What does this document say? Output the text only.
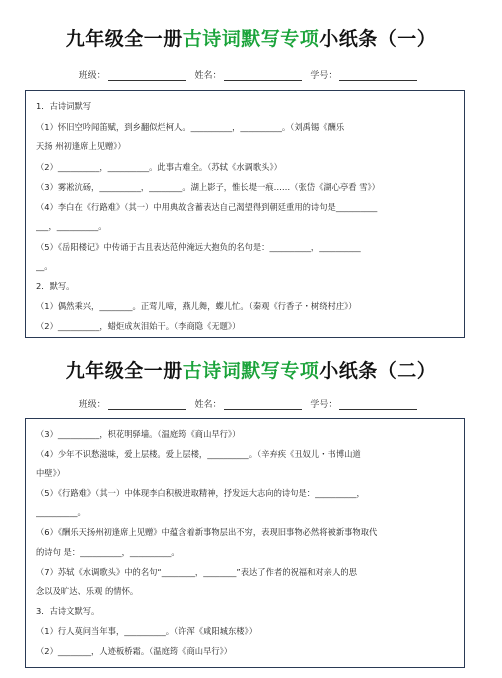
九年级全一册古诗词默写专项小纸条（一）
班级：	姓名：	学号：
1．古诗词默写
（1）怀旧空吟闻笛赋，到乡翻似烂柯人。__________，__________。（刘禹锡《酬乐
天扬 州初逢席上见赠》）
（2）__________，__________。此事古难全。（苏轼《水调歌头》）
（3）雾凇沆砀，__________，________。湖上影子，惟长堤一痕……（张岱《湖心亭看 雪》）
（4）李白在《行路难》（其一）中用典故含蓄表达自己渴望得到朝廷重用的诗句是__________
___，__________。
（5）《岳阳楼记》中传诵于古且表达范仲淹远大抱负的名句是：__________，__________
__。
2．默写。
（1）偶然乘兴，________。正莺儿啼，燕儿舞，蝶儿忙。（秦观《行香子・树绕村庄》）
（2）__________，蜡炬成灰泪始干。（李商隐《无题》）
九年级全一册古诗词默写专项小纸条（二）
班级：	姓名：	学号：
（3）__________，枳花明驿墙。（温庭筠《商山早行》）
（4）少年不识愁滋味，爱上层楼。爱上层楼，__________。（辛弃疾《丑奴儿・书博山道
中壁》）
（5）《行路难》（其一）中体现李白积极进取精神，抒发远大志向的诗句是：__________，
__________。
（6）《酬乐天扬州初逢席上见赠》中蕴含着新事物层出不穷，表现旧事物必然将被新事物取代
的诗句 是：__________，__________。
（7）苏轼《水调歌头》中的名句“________，________”表达了作者的祝福和对亲人的思
念以及旷达、乐观 的情怀。
3．古诗文默写。
（1）行人莫问当年事，__________。（许浑《咸阳城东楼》）
（2）________，人迹板桥霜。（温庭筠《商山早行》）
